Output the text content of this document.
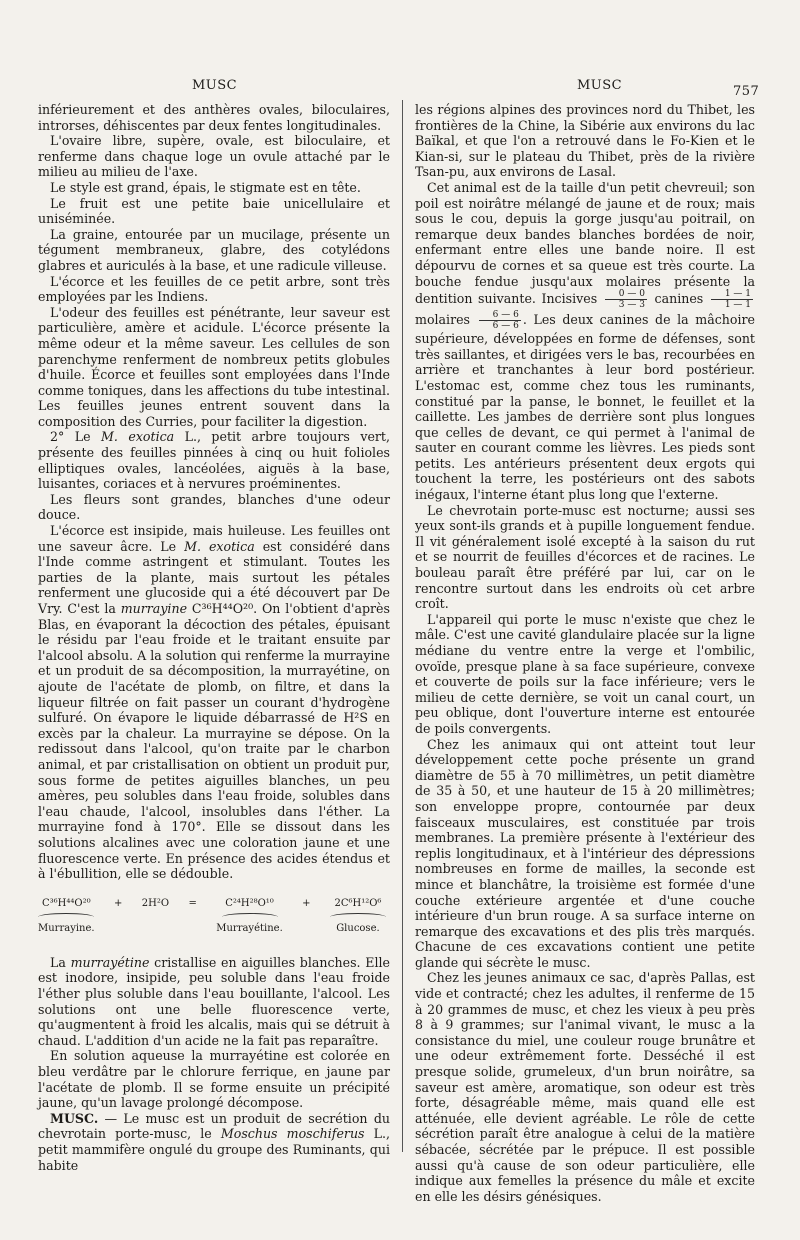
MUSC	MUSC	757

inférieurement et des anthères ovales, biloculaires, introrses, déhiscentes par deux fentes longitudinales.

L'ovaire libre, supère, ovale, est biloculaire, et renferme dans chaque loge un ovule attaché par le milieu au milieu de l'axe.

Le style est grand, épais, le stigmate est en tête.

Le fruit est une petite baie unicellulaire et uniséminée.

La graine, entourée par un mucilage, présente un tégument membraneux, glabre, des cotylédons glabres et auriculés à la base, et une radicule villeuse.

L'écorce et les feuilles de ce petit arbre, sont très employées par les Indiens.

L'odeur des feuilles est pénétrante, leur saveur est particulière, amère et acidule. L'écorce présente la même odeur et la même saveur. Les cellules de son parenchyme renferment de nombreux petits globules d'huile. Écorce et feuilles sont employées dans l'Inde comme toniques, dans les affections du tube intestinal. Les feuilles jeunes entrent souvent dans la composition des Curries, pour faciliter la digestion.

2° Le M. exotica L., petit arbre toujours vert, présente des feuilles pinnées à cinq ou huit folioles elliptiques ovales, lancéolées, aiguës à la base, luisantes, coriaces et à nervures proéminentes.

Les fleurs sont grandes, blanches d'une odeur douce.

L'écorce est insipide, mais huileuse. Les feuilles ont une saveur âcre. Le M. exotica est considéré dans l'Inde comme astringent et stimulant. Toutes les parties de la plante, mais surtout les pétales renferment une glucoside qui a été découvert par De Vry. C'est la murrayine C³⁶H⁴⁴O²⁰. On l'obtient d'après Blas, en évaporant la décoction des pétales, épuisant le résidu par l'eau froide et le traitant ensuite par l'alcool absolu. A la solution qui renferme la murrayine et un produit de sa décomposition, la murrayétine, on ajoute de l'acétate de plomb, on filtre, et dans la liqueur filtrée on fait passer un courant d'hydrogène sulfuré. On évapore le liquide débarrassé de H²S en excès par la chaleur. La murrayine se dépose. On la redissout dans l'alcool, qu'on traite par le charbon animal, et par cristallisation on obtient un produit pur, sous forme de petites aiguilles blanches, un peu amères, peu solubles dans l'eau froide, solubles dans l'eau chaude, l'alcool, insolubles dans l'éther. La murrayine fond à 170°. Elle se dissout dans les solutions alcalines avec une coloration jaune et une fluorescence verte. En présence des acides étendus et à l'ébullition, elle se dédouble.

C³⁶H⁴⁴O²⁰
Murrayine.
+ 2H²O =	C²⁴H²⁸O¹⁰
Murrayétine.
+ 2C⁶H¹²O⁶
Glucose.

La murrayétine cristallise en aiguilles blanches. Elle est inodore, insipide, peu soluble dans l'eau froide l'éther plus soluble dans l'eau bouillante, l'alcool. Les solutions ont une belle fluorescence verte, qu'augmentent à froid les alcalis, mais qui se détruit à chaud. L'addition d'un acide ne la fait pas reparaître.

En solution aqueuse la murrayétine est colorée en bleu verdâtre par le chlorure ferrique, en jaune par l'acétate de plomb. Il se forme ensuite un précipité jaune, qu'un lavage prolongé décompose.

MUSC. — Le musc est un produit de secrétion du chevrotain porte-musc, le Moschus moschiferus L., petit mammifère ongulé du groupe des Ruminants, qui habite

les régions alpines des provinces nord du Thibet, les frontières de la Chine, la Sibérie aux environs du lac Baïkal, et que l'on a retrouvé dans le Fo-Kien et le Kian-si, sur le plateau du Thibet, près de la rivière Tsan-pu, aux environs de Lasal.

Cet animal est de la taille d'un petit chevreuil; son poil est noirâtre mélangé de jaune et de roux; mais sous le cou, depuis la gorge jusqu'au poitrail, on remarque deux bandes blanches bordées de noir, enfermant entre elles une bande noire. Il est dépourvu de cornes et sa queue est très courte. La bouche fendue jusqu'aux molaires présente la dentition suivante. Incisives $\frac{0 — 0}{3 — 3}$ canines $\frac{1 — 1}{1 — 1}$
molaires $\frac{6 — 6}{6 — 6}$ . Les deux canines de la mâchoire supérieure, développées en forme de défenses, sont très saillantes, et dirigées vers le bas, recourbées en arrière et tranchantes à leur bord postérieur. L'estomac est, comme chez tous les ruminants, constitué par la panse, le bonnet, le feuillet et la caillette. Les jambes de derrière sont plus longues que celles de devant, ce qui permet à l'animal de sauter en courant comme les lièvres. Les pieds sont petits. Les antérieurs présentent deux ergots qui touchent la terre, les postérieurs ont des sabots inégaux, l'interne étant plus long que l'externe.

Le chevrotain porte-musc est nocturne; aussi ses yeux sont-ils grands et à pupille longuement fendue. Il vit généralement isolé excepté à la saison du rut et se nourrit de feuilles d'écorces et de racines. Le bouleau paraît être préféré par lui, car on le rencontre surtout dans les endroits où cet arbre croît.

L'appareil qui porte le musc n'existe que chez le mâle. C'est une cavité glandulaire placée sur la ligne médiane du ventre entre la verge et l'ombilic, ovoïde, presque plane à sa face supérieure, convexe et couverte de poils sur la face inférieure; vers le milieu de cette dernière, se voit un canal court, un peu oblique, dont l'ouverture interne est entourée de poils convergents.

Chez les animaux qui ont atteint tout leur développement cette poche présente un grand diamètre de 55 à 70 millimètres, un petit diamètre de 35 à 50, et une hauteur de 15 à 20 millimètres; son enveloppe propre, contournée par deux faisceaux musculaires, est constituée par trois membranes. La première présente à l'extérieur des replis longitudinaux, et à l'intérieur des dépressions nombreuses en forme de mailles, la seconde est mince et blanchâtre, la troisième est formée d'une couche extérieure argentée et d'une couche intérieure d'un brun rouge. A sa surface interne on remarque des excavations et des plis très marqués. Chacune de ces excavations contient une petite glande qui sécrète le musc.

Chez les jeunes animaux ce sac, d'après Pallas, est vide et contracté; chez les adultes, il renferme de 15 à 20 grammes de musc, et chez les vieux à peu près 8 à 9 grammes; sur l'animal vivant, le musc a la consistance du miel, une couleur rouge brunâtre et une odeur extrêmement forte. Desséché il est presque solide, grumeleux, d'un brun noirâtre, sa saveur est amère, aromatique, son odeur est très forte, désagréable même, mais quand elle est atténuée, elle devient agréable. Le rôle de cette sécrétion paraît être analogue à celui de la matière sébacée, sécrétée par le prépuce. Il est possible aussi qu'à cause de son odeur particulière, elle indique aux femelles la présence du mâle et excite en elle les désirs génésiques.
